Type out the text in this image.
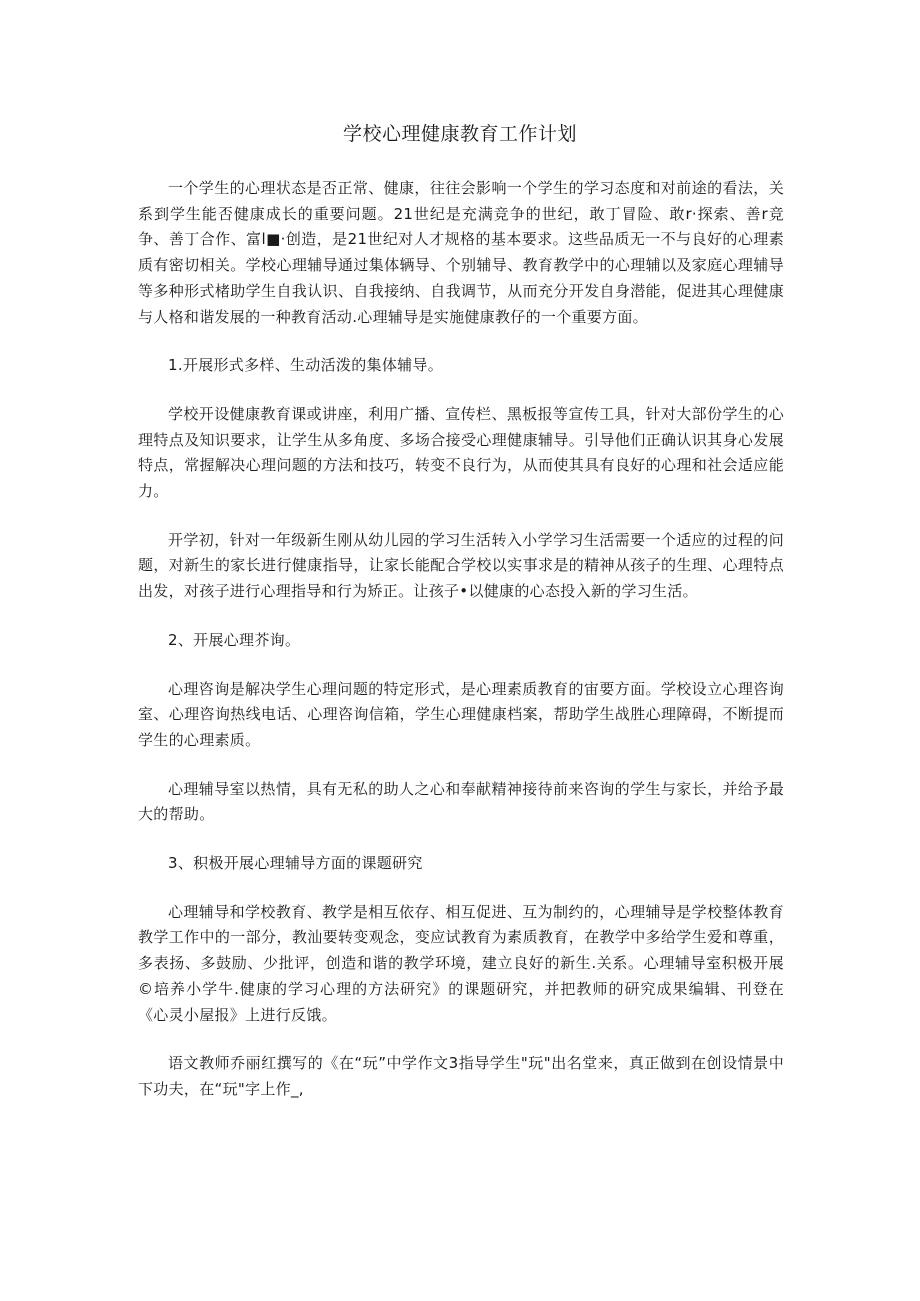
学校心理健康教育工作计划

一个学生的心理状态是否正常、健康，往往会影响一个学生的学习态度和对前途的看法，关系到学生能否健康成长的重要问题。21世纪是充满竞争的世纪，敢丁冒险、敢r·探索、善r竞争、善丁合作、富l■·创造，是21世纪对人才规格的基本要求。这些品质无一不与良好的心理素质有密切相关。学校心理辅导通过集体辆导、个别辅导、教育教学中的心理辅以及家庭心理辅导等多种形式楮助学生自我认识、自我接纳、自我调节，从而充分开发自身潜能，促进其心理健康与人格和谐发展的一种教育活动.心理辅导是实施健康教仔的一个重要方面。

1.开展形式多样、生动活泼的集体辅导。

学校开设健康教育课或讲座，利用广播、宣传栏、黑板报等宣传工具，针对大部份学生的心理特点及知识要求，让学生从多角度、多场合接受心理健康辅导。引导他们正确认识其身心发展特点，常握解决心理问题的方法和技巧，转变不良行为，从而使其具有良好的心理和社会适应能力。

开学初，针对一年级新生刚从幼儿园的学习生活转入小学学习生活需要一个适应的过程的问题，对新生的家长进行健康指导，让家长能配合学校以实事求是的精神从孩子的生理、心理特点出发，对孩子进行心理指导和行为矫正。让孩子•以健康的心态投入新的学习生活。

2、开展心理芥询。

心理咨询是解决学生心理问题的特定形式，是心理素质教育的宙要方面。学校设立心理咨询室、心理咨询热线电话、心理咨询信箱，学生心理健康档案，帮助学生战胜心理障碍，不断提而学生的心理素质。

心理辅导室以热情，具有无私的助人之心和奉献精神接待前来咨询的学生与家长，并给予最大的帮助。

3、积极开展心理辅导方面的课题研究

心理辅导和学校教育、教学是相互依存、相互促进、互为制约的，心理辅导是学校整体教育教学工作中的一部分，教汕要转变观念，变应试教育为素质教育，在教学中多给学生爱和尊重，多表扬、多鼓励、少批评，创造和谐的教学环境，建立良好的新生.关系。心理辅导室积极开展©培养小学牛.健康的学习心理的方法研究》的课题研究，并把教师的研究成果编辑、刊登在《心灵小屋报》上进行反饿。

语文教师乔丽红撰写的《在“玩”中学作文3指导学生"玩"出名堂来，真正做到在创设情景中下功夫，在“玩"字上作_,
